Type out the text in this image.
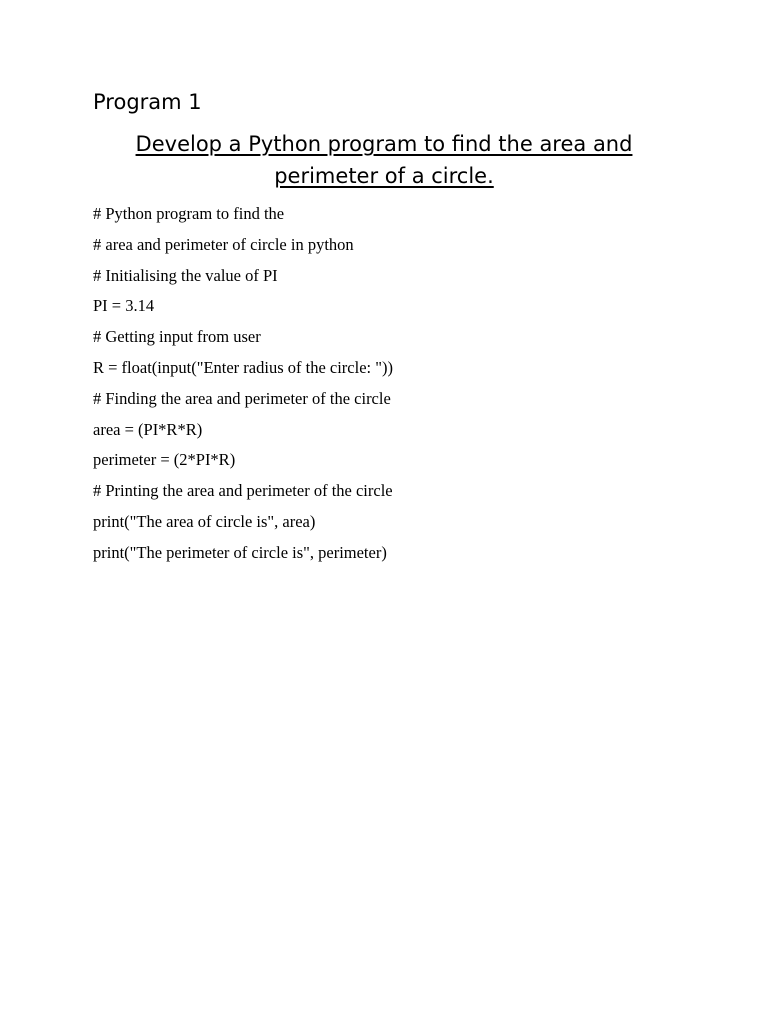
Program 1
Develop a Python program to find the area and perimeter of a circle.
# Python program to find the
# area and perimeter of circle in python
# Initialising the value of PI
PI = 3.14
# Getting input from user
R = float(input("Enter radius of the circle: "))
# Finding the area and perimeter of the circle
area = (PI*R*R)
perimeter = (2*PI*R)
# Printing the area and perimeter of the circle
print("The area of circle is", area)
print("The perimeter of circle is", perimeter)
